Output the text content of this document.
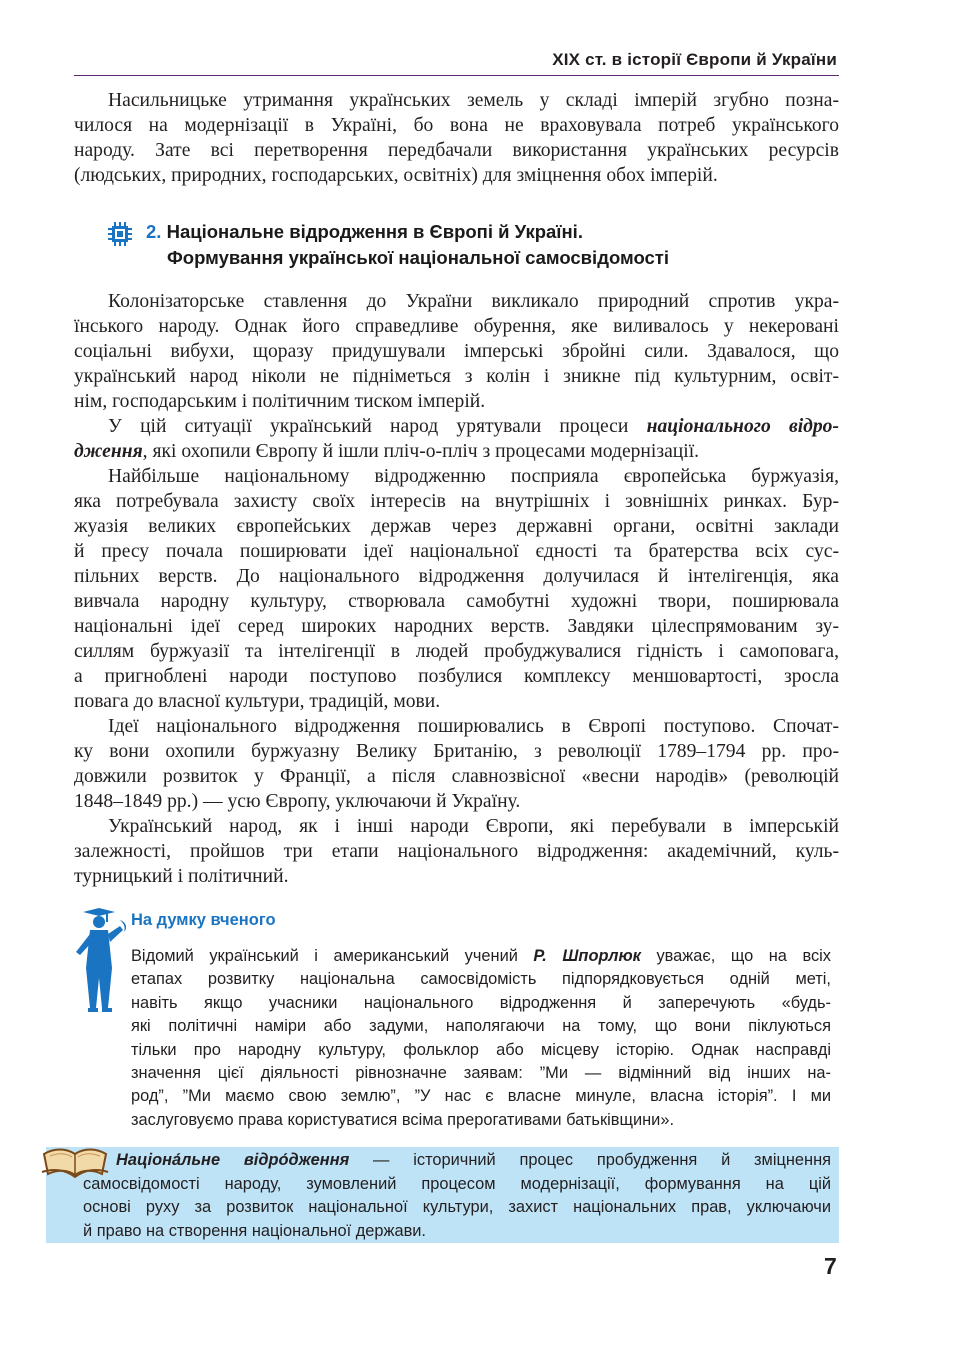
XIX ст. в історії Європи й України
Насильницьке утримання українських земель у складі імперій згубно позна-
чилося на модернізації в Україні, бо вона не враховувала потреб українського
народу. Зате всі перетворення передбачали використання українських ресурсів
(людських, природних, господарських, освітніх) для зміцнення обох імперій.
2. Національне відродження в Європі й Україні.
Формування української національної самосвідомості
Колонізаторське ставлення до України викликало природний спротив укра-
їнського народу. Однак його справедливе обурення, яке виливалось у некеровані
соціальні вибухи, щоразу придушували імперські збройні сили. Здавалося, що
український народ ніколи не підніметься з колін і зникне під культурним, освіт-
нім, господарським і політичним тиском імперій.
У цій ситуації український народ урятували процеси національного відро-
дження, які охопили Європу й ішли пліч-о-пліч з процесами модернізації.
Найбільше національному відродженню посприяла європейська буржуазія,
яка потребувала захисту своїх інтересів на внутрішніх і зовнішніх ринках. Бур-
жуазія великих європейських держав через державні органи, освітні заклади
й пресу почала поширювати ідеї національної єдності та братерства всіх сус-
пільних верств. До національного відродження долучилася й інтелігенція, яка
вивчала народну культуру, створювала самобутні художні твори, поширювала
національні ідеї серед широких народних верств. Завдяки цілеспрямованим зу-
силлям буржуазії та інтелігенції в людей пробуджувалися гідність і самоповага,
а пригноблені народи поступово позбулися комплексу меншовартості, зросла
повага до власної культури, традицій, мови.
Ідеї національного відродження поширювались в Європі поступово. Спочат-
ку вони охопили буржуазну Велику Британію, з революції 1789–1794 рр. про-
довжили розвиток у Франції, а після славнозвісної «весни народів» (революцій
1848–1849 рр.) — усю Європу, уключаючи й Україну.
Український народ, як і інші народи Європи, які перебували в імперській
залежності, пройшов три етапи національного відродження: академічний, куль-
турницький і політичний.
На думку вченого
Відомий український і американський учений Р. Шпорлюк уважає, що на всіх
етапах розвитку національна самосвідомість підпорядковується одній меті,
навіть якщо учасники національного відродження й заперечують «будь-
які політичні наміри або задуми, наполягаючи на тому, що вони піклуються
тільки про народну культуру, фольклор або місцеву історію. Однак насправді
значення цієї діяльності рівнозначне заявам: ”Ми — відмінний від інших на-
род”, ”Ми маємо свою землю”, ”У нас є власне минуле, власна історія”. І ми
заслуговуємо права користуватися всіма прерогативами батьківщини».
Націона́льне відро́дження — історичний процес пробудження й зміцнення
самосвідомості народу, зумовлений процесом модернізації, формування на цій
основі руху за розвиток національної культури, захист національних прав, уключаючи
й право на створення національної держави.
7
